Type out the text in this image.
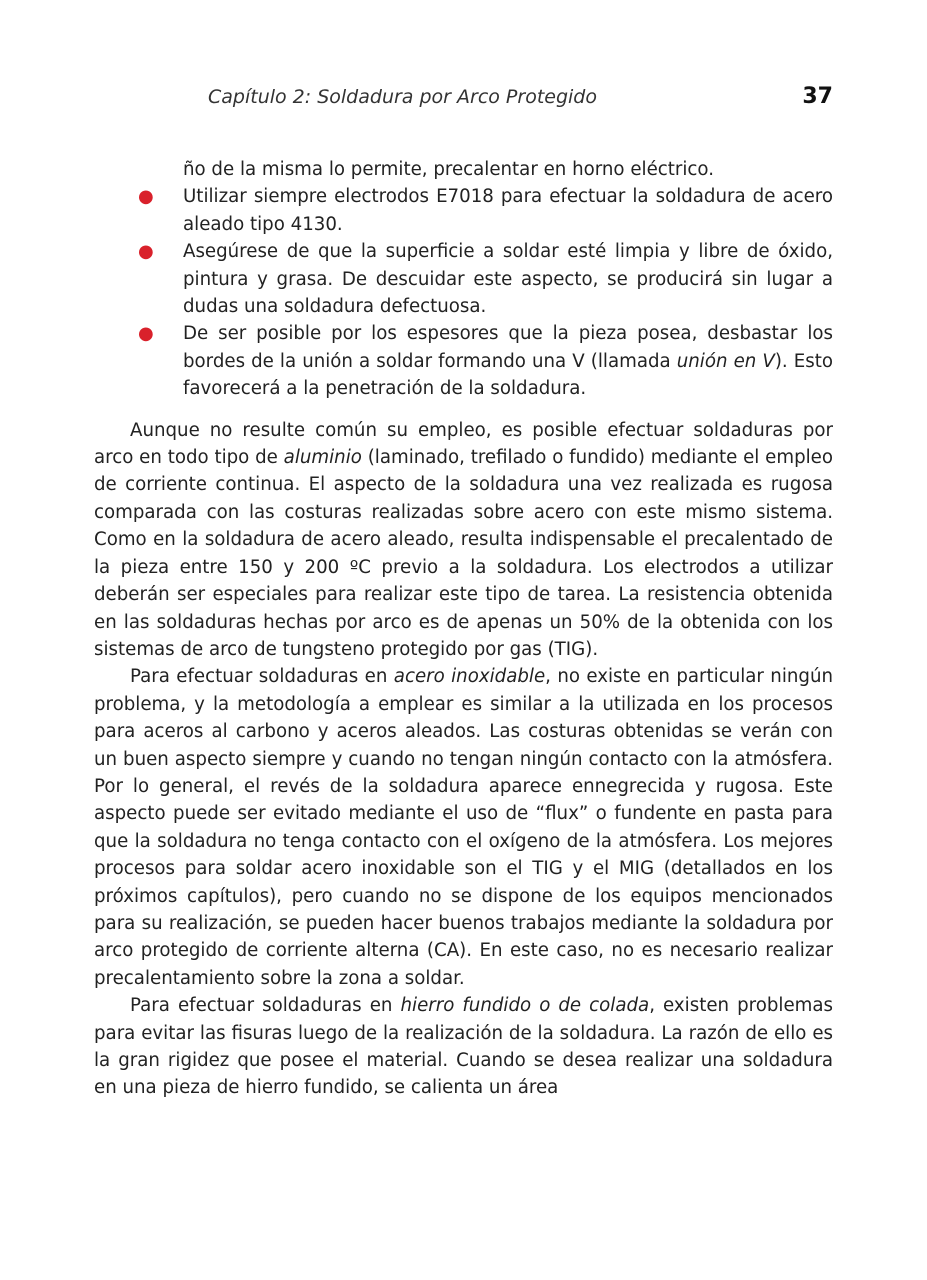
Capítulo 2: Soldadura por Arco Protegido	37

ño de la misma lo permite, precalentar en horno eléctrico.

● Utilizar siempre electrodos E7018 para efectuar la soldadura de acero aleado tipo 4130.
● Asegúrese de que la superficie a soldar esté limpia y libre de óxido, pintura y grasa. De descuidar este aspecto, se producirá sin lugar a dudas una soldadura defectuosa.
● De ser posible por los espesores que la pieza posea, desbastar los bordes de la unión a soldar formando una V (llamada unión en V). Esto favorecerá a la penetración de la soldadura.

Aunque no resulte común su empleo, es posible efectuar soldaduras por arco en todo tipo de aluminio (laminado, trefilado o fundido) mediante el empleo de corriente continua. El aspecto de la soldadura una vez realizada es rugosa comparada con las costuras realizadas sobre acero con este mismo sistema. Como en la soldadura de acero aleado, resulta indispensable el precalentado de la pieza entre 150 y 200 ºC previo a la soldadura. Los electrodos a utilizar deberán ser especiales para realizar este tipo de tarea. La resistencia obtenida en las soldaduras hechas por arco es de apenas un 50% de la obtenida con los sistemas de arco de tungsteno protegido por gas (TIG).

Para efectuar soldaduras en acero inoxidable, no existe en particular ningún problema, y la metodología a emplear es similar a la utilizada en los procesos para aceros al carbono y aceros aleados. Las costuras obtenidas se verán con un buen aspecto siempre y cuando no tengan ningún contacto con la atmósfera. Por lo general, el revés de la soldadura aparece ennegrecida y rugosa. Este aspecto puede ser evitado mediante el uso de “flux” o fundente en pasta para que la soldadura no tenga contacto con el oxígeno de la atmósfera. Los mejores procesos para soldar acero inoxidable son el TIG y el MIG (detallados en los próximos capítulos), pero cuando no se dispone de los equipos mencionados para su realización, se pueden hacer buenos trabajos mediante la soldadura por arco protegido de corriente alterna (CA). En este caso, no es necesario realizar precalentamiento sobre la zona a soldar.

Para efectuar soldaduras en hierro fundido o de colada, existen problemas para evitar las fisuras luego de la realización de la soldadura. La razón de ello es la gran rigidez que posee el material. Cuando se desea realizar una soldadura en una pieza de hierro fundido, se calienta un área
